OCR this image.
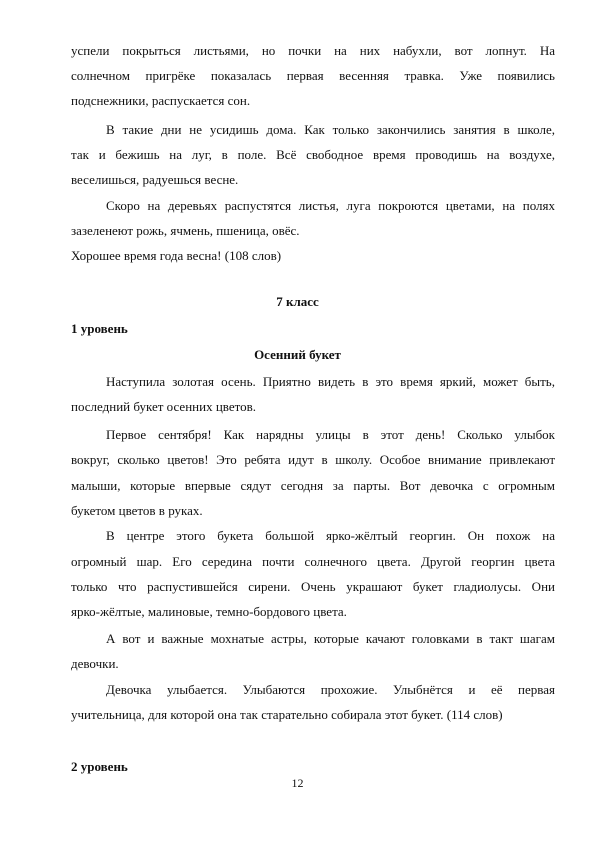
успели покрыться листьями, но почки на них набухли, вот лопнут. На
солнечном пригрёке показалась первая весенняя травка. Уже появились
подснежники, распускается сон.
В такие дни не усидишь дома. Как только закончились занятия в школе,
так и бежишь на луг, в поле. Всё свободное время проводишь на воздухе,
веселишься, радуешься весне.
Скоро на деревьях распустятся листья, луга покроются цветами, на полях
зазеленеют рожь, ячмень, пшеница, овёс.
Хорошее время года весна! (108 слов)
7 класс
1 уровень
Осенний букет
Наступила золотая осень. Приятно видеть в это время яркий, может быть,
последний букет осенних цветов.
Первое сентября! Как нарядны улицы в этот день! Сколько улыбок
вокруг, сколько цветов! Это ребята идут в школу. Особое внимание привлекают
малыши, которые впервые сядут сегодня за парты. Вот девочка с огромным
букетом цветов в руках.
В центре этого букета большой ярко-жёлтый георгин. Он похож на
огромный шар. Его середина почти солнечного цвета. Другой георгин цвета
только что распустившейся сирени. Очень украшают букет гладиолусы. Они
ярко-жёлтые, малиновые, темно-бордового цвета.
А вот и важные мохнатые астры, которые качают головками в такт шагам
девочки.
Девочка улыбается. Улыбаются прохожие. Улыбнётся и её первая
учительница, для которой она так старательно собирала этот букет. (114 слов)
2 уровень
12
